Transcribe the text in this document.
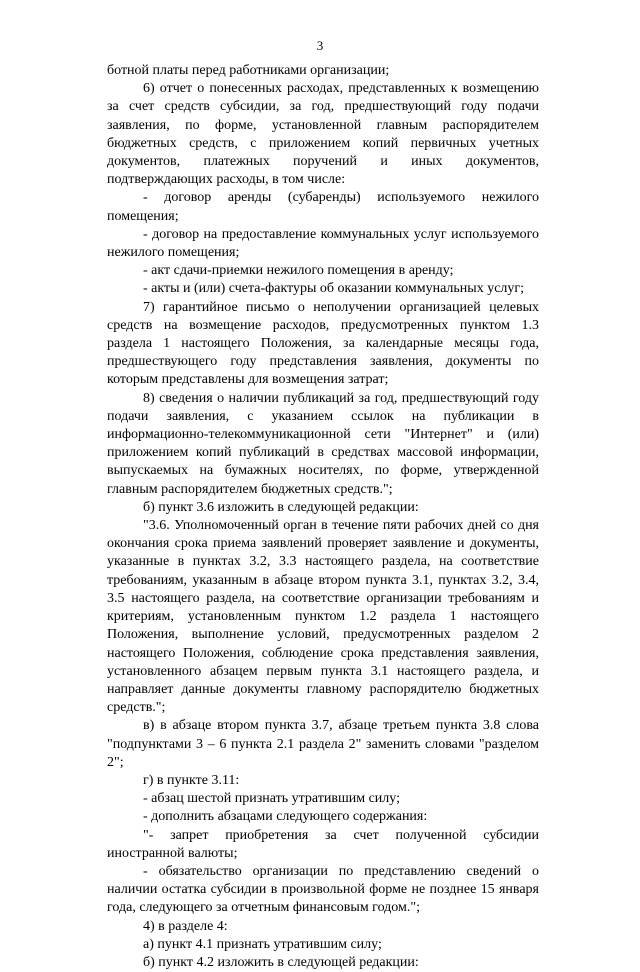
3

ботной платы перед работниками организации;

6) отчет о понесенных расходах, представленных к возмещению за счет средств субсидии, за год, предшествующий году подачи заявления, по форме, установленной главным распорядителем бюджетных средств, с приложением копий первичных учетных документов, платежных поручений и иных документов, подтверждающих расходы, в том числе:

- договор аренды (субаренды) используемого нежилого помещения;

- договор на предоставление коммунальных услуг используемого нежилого помещения;

- акт сдачи-приемки нежилого помещения в аренду;

- акты и (или) счета-фактуры об оказании коммунальных услуг;

7) гарантийное письмо о неполучении организацией целевых средств на возмещение расходов, предусмотренных пунктом 1.3 раздела 1 настоящего Положения, за календарные месяцы года, предшествующего году представления заявления, документы по которым представлены для возмещения затрат;

8) сведения о наличии публикаций за год, предшествующий году подачи заявления, с указанием ссылок на публикации в информационно-телекоммуникационной сети "Интернет" и (или) приложением копий публикаций в средствах массовой информации, выпускаемых на бумажных носителях, по форме, утвержденной главным распорядителем бюджетных средств.";

б) пункт 3.6 изложить в следующей редакции:

"3.6. Уполномоченный орган в течение пяти рабочих дней со дня окончания срока приема заявлений проверяет заявление и документы, указанные в пунктах 3.2, 3.3 настоящего раздела, на соответствие требованиям, указанным в абзаце втором пункта 3.1, пунктах 3.2, 3.4, 3.5 настоящего раздела, на соответствие организации требованиям и критериям, установленным пунктом 1.2 раздела 1 настоящего Положения, выполнение условий, предусмотренных разделом 2 настоящего Положения, соблюдение срока представления заявления, установленного абзацем первым пункта 3.1 настоящего раздела, и направляет данные документы главному распорядителю бюджетных средств.";

в) в абзаце втором пункта 3.7, абзаце третьем пункта 3.8 слова "подпунктами 3 – 6 пункта 2.1 раздела 2" заменить словами "разделом 2";

г) в пункте 3.11:

- абзац шестой признать утратившим силу;

- дополнить абзацами следующего содержания:

"- запрет приобретения за счет полученной субсидии иностранной валюты;

- обязательство организации по представлению сведений о наличии остатка субсидии в произвольной форме не позднее 15 января года, следующего за отчетным финансовым годом.";

4) в разделе 4:

а) пункт 4.1 признать утратившим силу;

б) пункт 4.2 изложить в следующей редакции:
